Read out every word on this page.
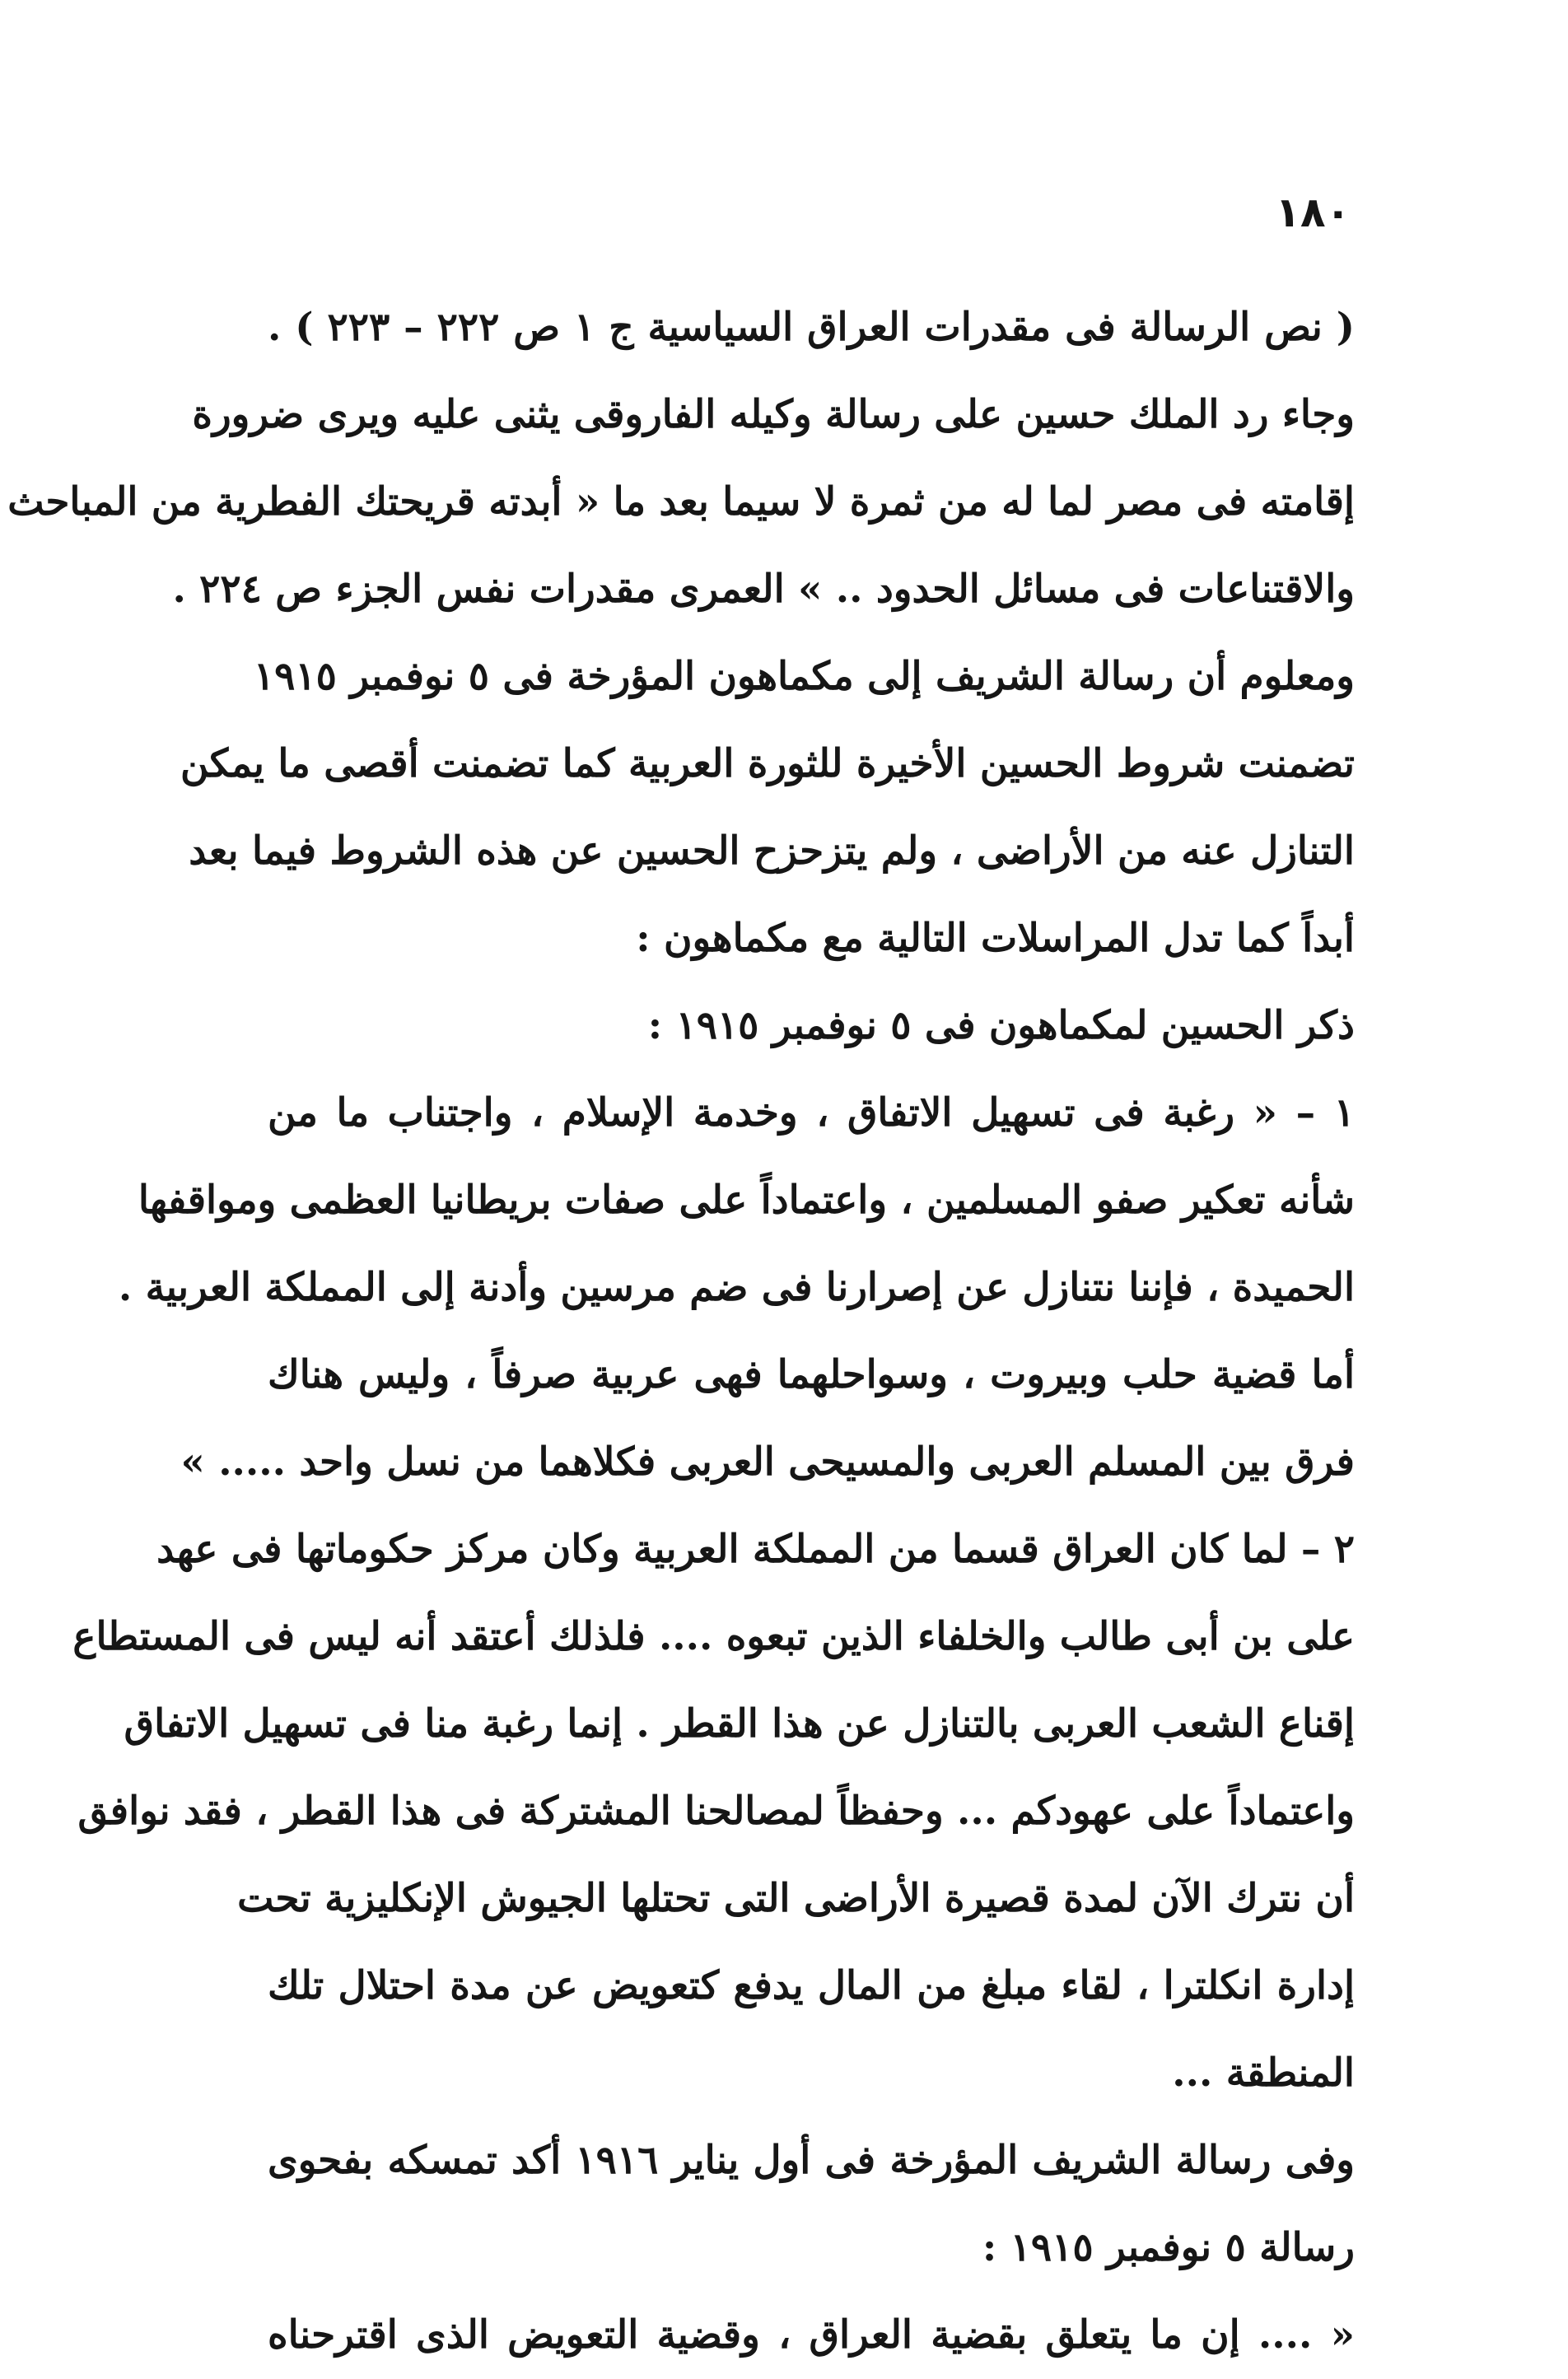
١٨٠
( نص الرسالة فى مقدرات العراق السياسية ج ١ ص ٢٢٢ – ٢٢٣ ) .
وجاء رد الملك حسين على رسالة وكيله الفاروقى يثنى عليه ويرى ضرورة
إقامته فى مصر لما له من ثمرة لا سيما بعد ما « أبدته قريحتك الفطرية من المباحث
والاقتناعات فى مسائل الحدود .. » العمرى مقدرات نفس الجزء ص ٢٢٤ .
ومعلوم أن رسالة الشريف إلى مكماهون المؤرخة فى ٥ نوفمبر ١٩١٥
تضمنت شروط الحسين الأخيرة للثورة العربية كما تضمنت أقصى ما يمكن
التنازل عنه من الأراضى ، ولم يتزحزح الحسين عن هذه الشروط فيما بعد
أبداً كما تدل المراسلات التالية مع مكماهون :
ذكر الحسين لمكماهون فى ٥ نوفمبر ١٩١٥ :
١ – « رغبة فى تسهيل الاتفاق ، وخدمة الإسلام ، واجتناب ما من
شأنه تعكير صفو المسلمين ، واعتماداً على صفات بريطانيا العظمى ومواقفها
الحميدة ، فإننا نتنازل عن إصرارنا فى ضم مرسين وأدنة إلى المملكة العربية .
أما قضية حلب وبيروت ، وسواحلهما فهى عربية صرفاً ، وليس هناك
فرق بين المسلم العربى والمسيحى العربى فكلاهما من نسل واحد ..... »
٢ – لما كان العراق قسما من المملكة العربية وكان مركز حكوماتها فى عهد
على بن أبى طالب والخلفاء الذين تبعوه .... فلذلك أعتقد أنه ليس فى المستطاع
إقناع الشعب العربى بالتنازل عن هذا القطر . إنما رغبة منا فى تسهيل الاتفاق
واعتماداً على عهودكم ... وحفظاً لمصالحنا المشتركة فى هذا القطر ، فقد نوافق
أن نترك الآن لمدة قصيرة الأراضى التى تحتلها الجيوش الإنكليزية تحت
إدارة انكلترا ، لقاء مبلغ من المال يدفع كتعويض عن مدة احتلال تلك
المنطقة ...
وفى رسالة الشريف المؤرخة فى أول يناير ١٩١٦ أكد تمسكه بفحوى
رسالة ٥ نوفمبر ١٩١٥ :
« .... إن ما يتعلق بقضية العراق ، وقضية التعويض الذى اقترحناه
